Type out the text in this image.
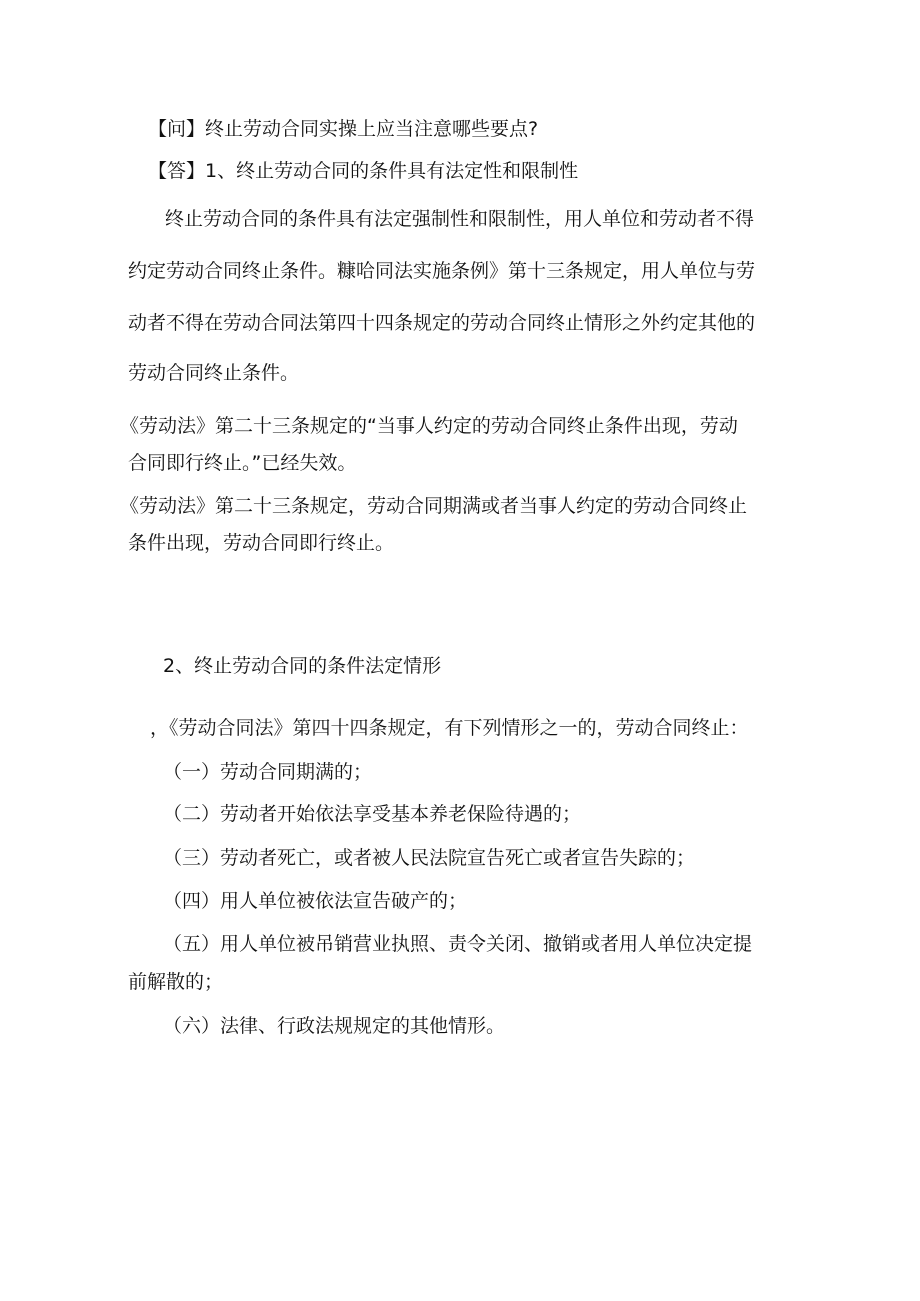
【问】终止劳动合同实操上应当注意哪些要点?
【答】1、终止劳动合同的条件具有法定性和限制性
终止劳动合同的条件具有法定强制性和限制性，用人单位和劳动者不得
约定劳动合同终止条件。糠哈同法实施条例》第十三条规定，用人单位与劳
动者不得在劳动合同法第四十四条规定的劳动合同终止情形之外约定其他的
劳动合同终止条件。
《劳动法》第二十三条规定的“当事人约定的劳动合同终止条件出现，劳动
合同即行终止。”已经失效。
《劳动法》第二十三条规定，劳动合同期满或者当事人约定的劳动合同终止
条件出现，劳动合同即行终止。
2、终止劳动合同的条件法定情形
，《劳动合同法》第四十四条规定，有下列情形之一的，劳动合同终止：
（一）劳动合同期满的；
（二）劳动者开始依法享受基本养老保险待遇的；
（三）劳动者死亡，或者被人民法院宣告死亡或者宣告失踪的；
（四）用人单位被依法宣告破产的；
（五）用人单位被吊销营业执照、责令关闭、撤销或者用人单位决定提
前解散的；
（六）法律、行政法规规定的其他情形。
